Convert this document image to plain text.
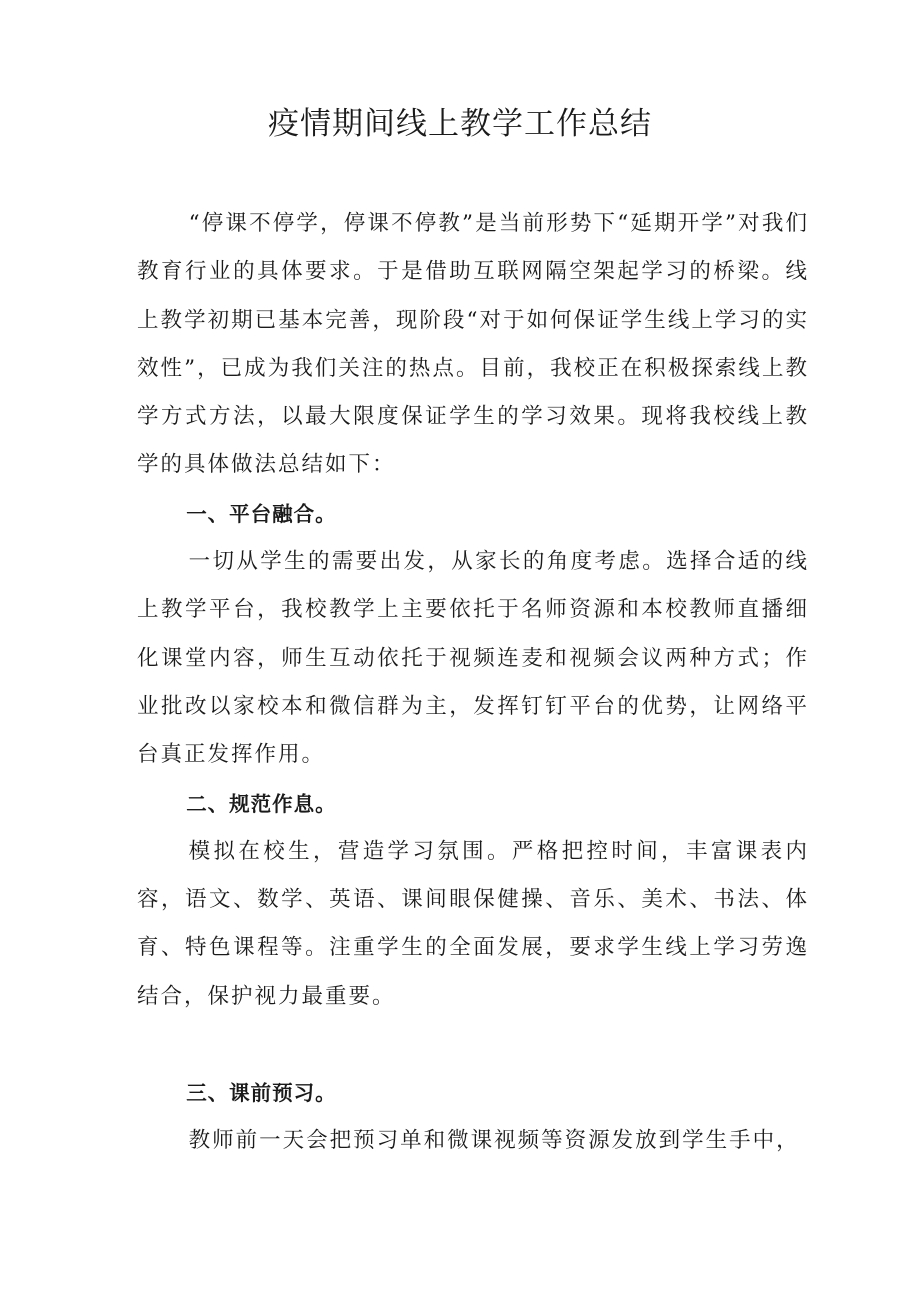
疫情期间线上教学工作总结

“停课不停学，停课不停教”是当前形势下“延期开学”对我们教育行业的具体要求。于是借助互联网隔空架起学习的桥梁。线上教学初期已基本完善，现阶段“对于如何保证学生线上学习的实效性”，已成为我们关注的热点。目前，我校正在积极探索线上教学方式方法，以最大限度保证学生的学习效果。现将我校线上教学的具体做法总结如下：

一、平台融合。

一切从学生的需要出发，从家长的角度考虑。选择合适的线上教学平台，我校教学上主要依托于名师资源和本校教师直播细化课堂内容，师生互动依托于视频连麦和视频会议两种方式；作业批改以家校本和微信群为主，发挥钉钉平台的优势，让网络平台真正发挥作用。

二、规范作息。

模拟在校生，营造学习氛围。严格把控时间，丰富课表内容，语文、数学、英语、课间眼保健操、音乐、美术、书法、体育、特色课程等。注重学生的全面发展，要求学生线上学习劳逸结合，保护视力最重要。

三、课前预习。

教师前一天会把预习单和微课视频等资源发放到学生手中，
